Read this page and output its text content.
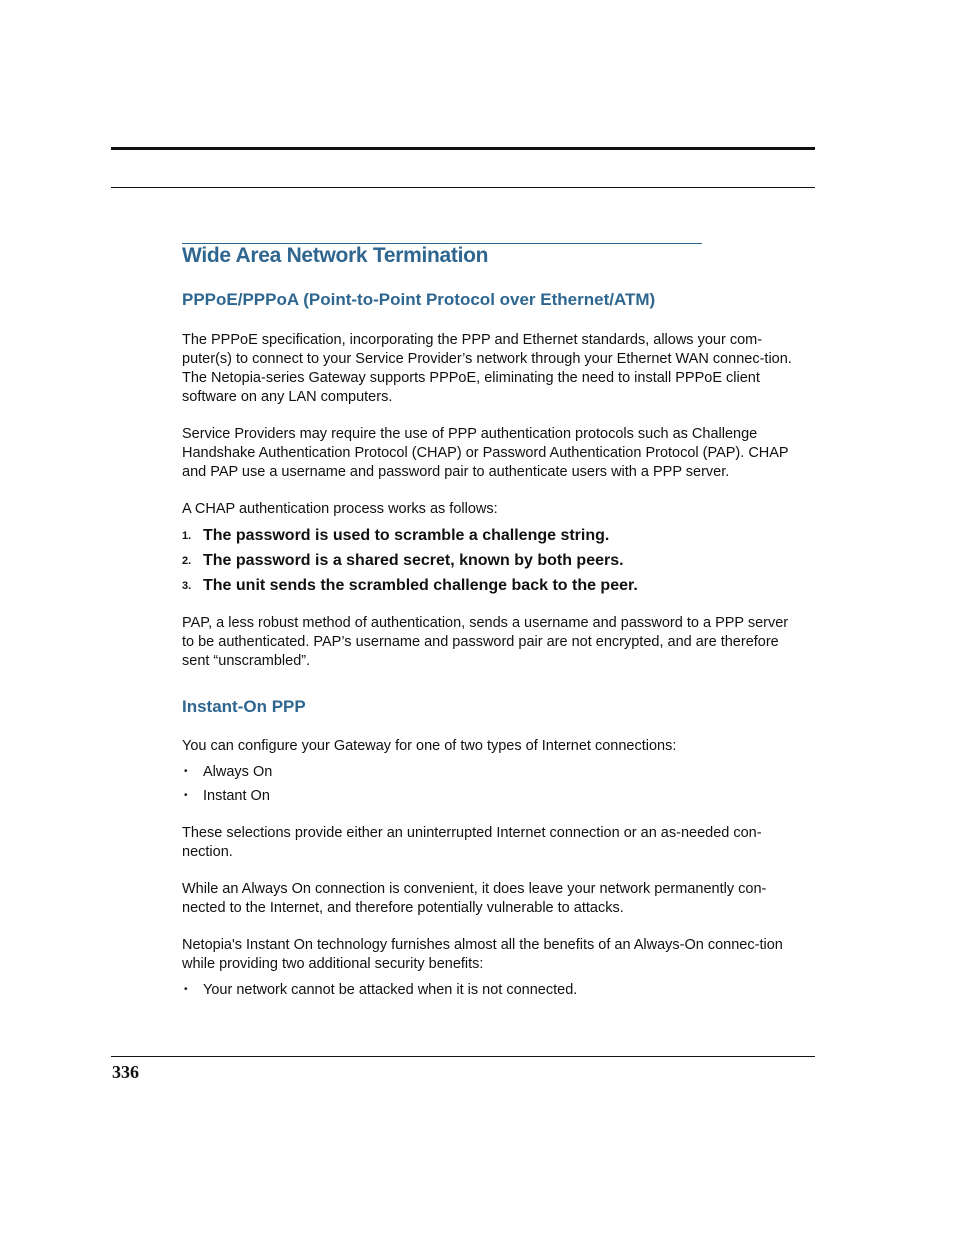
Wide Area Network Termination
PPPoE/PPPoA (Point-to-Point Protocol over Ethernet/ATM)

The PPPoE specification, incorporating the PPP and Ethernet standards, allows your com-puter(s) to connect to your Service Provider’s network through your Ethernet WAN connec-tion. The Netopia-series Gateway supports PPPoE, eliminating the need to install PPPoE client software on any LAN computers.

Service Providers may require the use of PPP authentication protocols such as Challenge Handshake Authentication Protocol (CHAP) or Password Authentication Protocol (PAP). CHAP and PAP use a username and password pair to authenticate users with a PPP server.

A CHAP authentication process works as follows:

1. The password is used to scramble a challenge string.
2. The password is a shared secret, known by both peers.
3. The unit sends the scrambled challenge back to the peer.

PAP, a less robust method of authentication, sends a username and password to a PPP server to be authenticated. PAP’s username and password pair are not encrypted, and are therefore sent “unscrambled”.

Instant-On PPP

You can configure your Gateway for one of two types of Internet connections:

• Always On
• Instant On

These selections provide either an uninterrupted Internet connection or an as-needed con-nection.

While an Always On connection is convenient, it does leave your network permanently con-nected to the Internet, and therefore potentially vulnerable to attacks.

Netopia's Instant On technology furnishes almost all the benefits of an Always-On connec-tion while providing two additional security benefits:

• Your network cannot be attacked when it is not connected.
336
